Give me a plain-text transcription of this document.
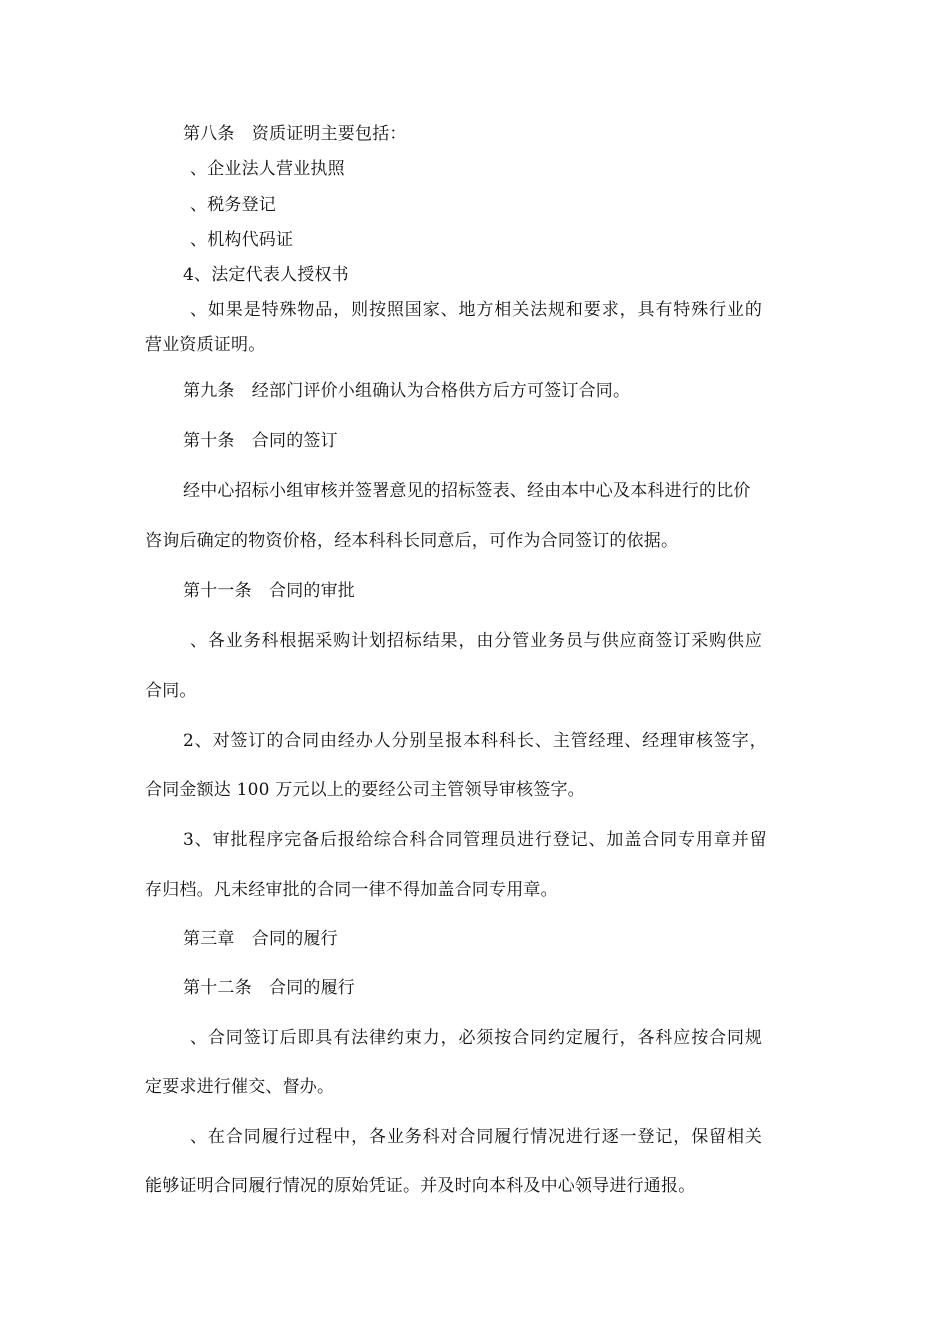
第八条　资质证明主要包括：
、企业法人营业执照
、税务登记
、机构代码证
4、法定代表人授权书
、如果是特殊物品，则按照国家、地方相关法规和要求，具有特殊行业的
营业资质证明。
第九条　经部门评价小组确认为合格供方后方可签订合同。
第十条　合同的签订
经中心招标小组审核并签署意见的招标签表、经由本中心及本科进行的比价
咨询后确定的物资价格，经本科科长同意后，可作为合同签订的依据。
第十一条　合同的审批
、各业务科根据采购计划招标结果，由分管业务员与供应商签订采购供应
合同。
2、对签订的合同由经办人分别呈报本科科长、主管经理、经理审核签字，
合同金额达 100 万元以上的要经公司主管领导审核签字。
3、审批程序完备后报给综合科合同管理员进行登记、加盖合同专用章并留
存归档。凡未经审批的合同一律不得加盖合同专用章。
第三章　合同的履行
第十二条　合同的履行
、合同签订后即具有法律约束力，必须按合同约定履行，各科应按合同规
定要求进行催交、督办。
、在合同履行过程中，各业务科对合同履行情况进行逐一登记，保留相关
能够证明合同履行情况的原始凭证。并及时向本科及中心领导进行通报。
